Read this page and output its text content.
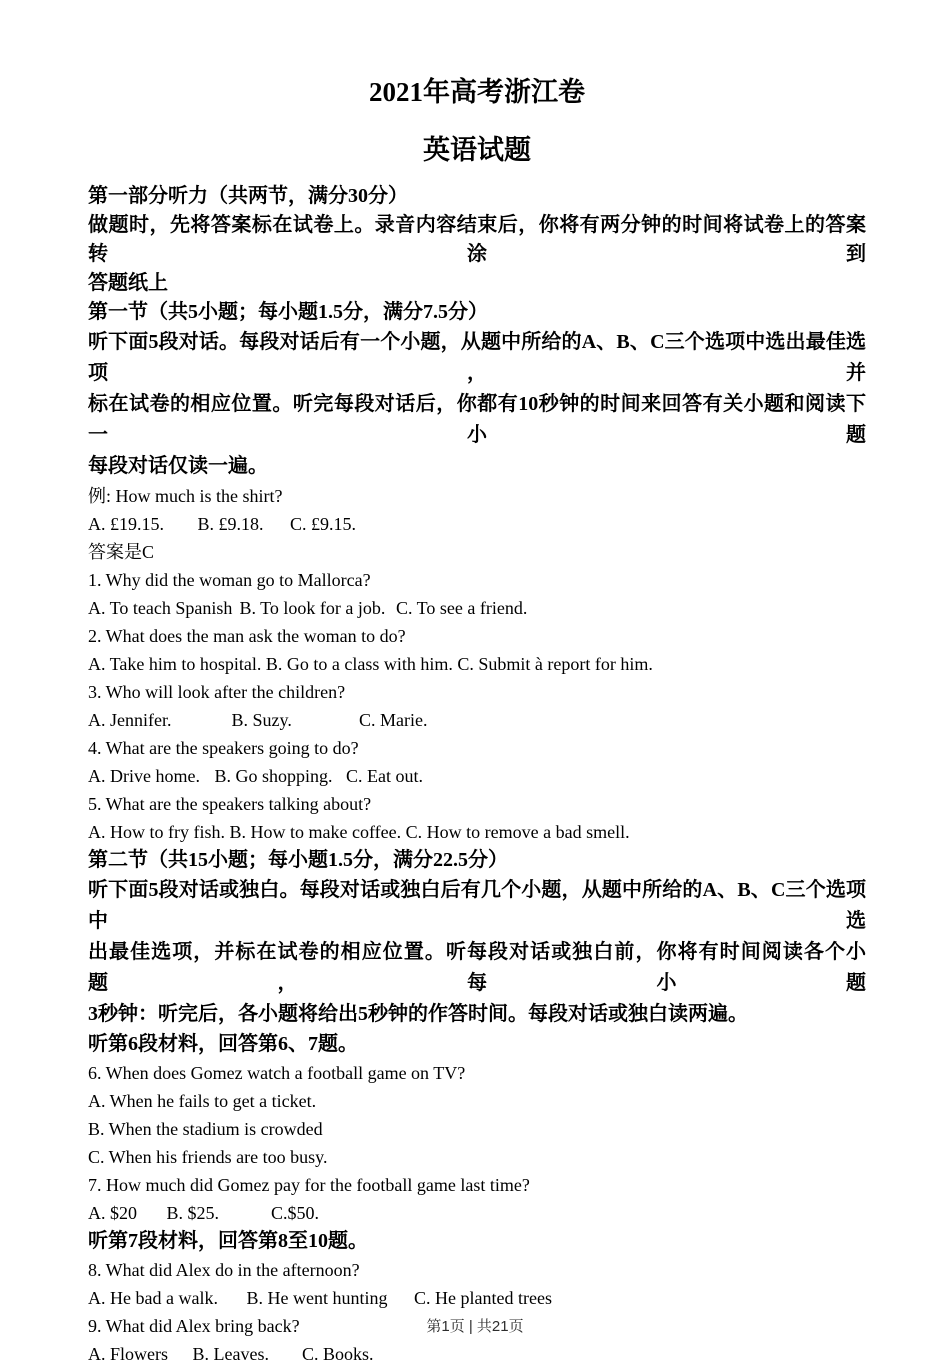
2021年高考浙江卷
英语试题
第一部分听力（共两节，满分30分）
做题时，先将答案标在试卷上。录音内容结束后，你将有两分钟的时间将试卷上的答案转涂到
答题纸上
第一节（共5小题；每小题1.5分，满分7.5分）
听下面5段对话。每段对话后有一个小题，从题中所给的A、B、C三个选项中选出最佳选项，并
标在试卷的相应位置。听完每段对话后，你都有10秒钟的时间来回答有关小题和阅读下一小题
每段对话仅读一遍。
例: How much is the shirt?
A. £19.15. B. £9.18. C. £9.15.
答案是C
1. Why did the woman go to Mallorca?
A. To teach Spanish B. To look for a job. C. To see a friend.
2. What does the man ask the woman to do?
A. Take him to hospital. B. Go to a class with him. C. Submit à report for him.
3. Who will look after the children?
A. Jennifer.	B. Suzy.	C. Marie.
4. What are the speakers going to do?
A. Drive home. B. Go shopping. C. Eat out.
5. What are the speakers talking about?
A. How to fry fish. B. How to make coffee. C. How to remove a bad smell.
第二节（共15小题；每小题1.5分，满分22.5分）
听下面5段对话或独白。每段对话或独白后有几个小题，从题中所给的A、B、C三个选项中选
出最佳选项，并标在试卷的相应位置。听每段对话或独白前，你将有时间阅读各个小题，每小题
3秒钟：听完后，各小题将给出5秒钟的作答时间。每段对话或独白读两遍。
听第6段材料，回答第6、7题。
6. When does Gomez watch a football game on TV?
A. When he fails to get a ticket.
B. When the stadium is crowded
C. When his friends are too busy.
7. How much did Gomez pay for the football game last time?
A. $20 B. $25.	C.$50.
听第7段材料，回答第8至10题。
8. What did Alex do in the afternoon?
A. He bad a walk. B. He went hunting C. He planted trees
9. What did Alex bring back?
A. Flowers B. Leaves. C. Books.
第1页 | 共21页
